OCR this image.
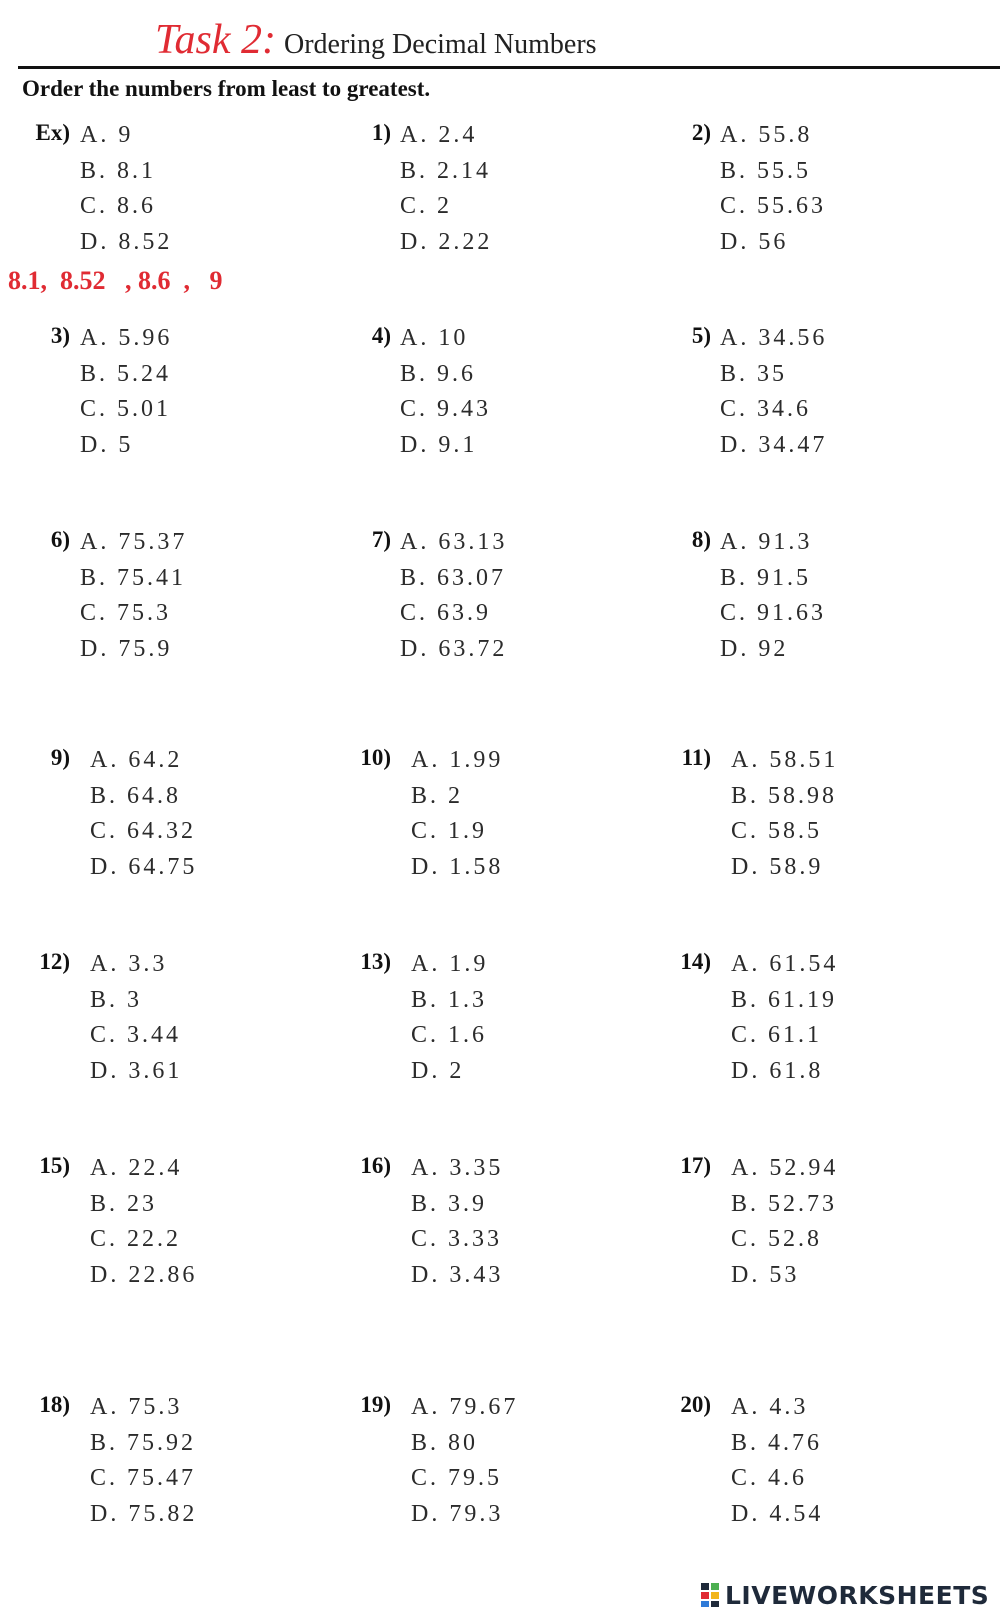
Task 2: Ordering Decimal Numbers
Order the numbers from least to greatest.
Ex) A. 9
B. 8.1
C. 8.6
D. 8.52
1) A. 2.4
B. 2.14
C. 2
D. 2.22
2) A. 55.8
B. 55.5
C. 55.63
D. 56
3) A. 5.96
B. 5.24
C. 5.01
D. 5
4) A. 10
B. 9.6
C. 9.43
D. 9.1
5) A. 34.56
B. 35
C. 34.6
D. 34.47
6) A. 75.37
B. 75.41
C. 75.3
D. 75.9
7) A. 63.13
B. 63.07
C. 63.9
D. 63.72
8) A. 91.3
B. 91.5
C. 91.63
D. 92
9) A. 64.2
B. 64.8
C. 64.32
D. 64.75
10) A. 1.99
B. 2
C. 1.9
D. 1.58
11) A. 58.51
B. 58.98
C. 58.5
D. 58.9
12) A. 3.3
B. 3
C. 3.44
D. 3.61
13) A. 1.9
B. 1.3
C. 1.6
D. 2
14) A. 61.54
B. 61.19
C. 61.1
D. 61.8
15) A. 22.4
B. 23
C. 22.2
D. 22.86
16) A. 3.35
B. 3.9
C. 3.33
D. 3.43
17) A. 52.94
B. 52.73
C. 52.8
D. 53
18) A. 75.3
B. 75.92
C. 75.47
D. 75.82
19) A. 79.67
B. 80
C. 79.5
D. 79.3
20) A. 4.3
B. 4.76
C. 4.6
D. 4.54
8.1,  8.52   , 8.6  ,   9
LIVEWORKSHEETS
